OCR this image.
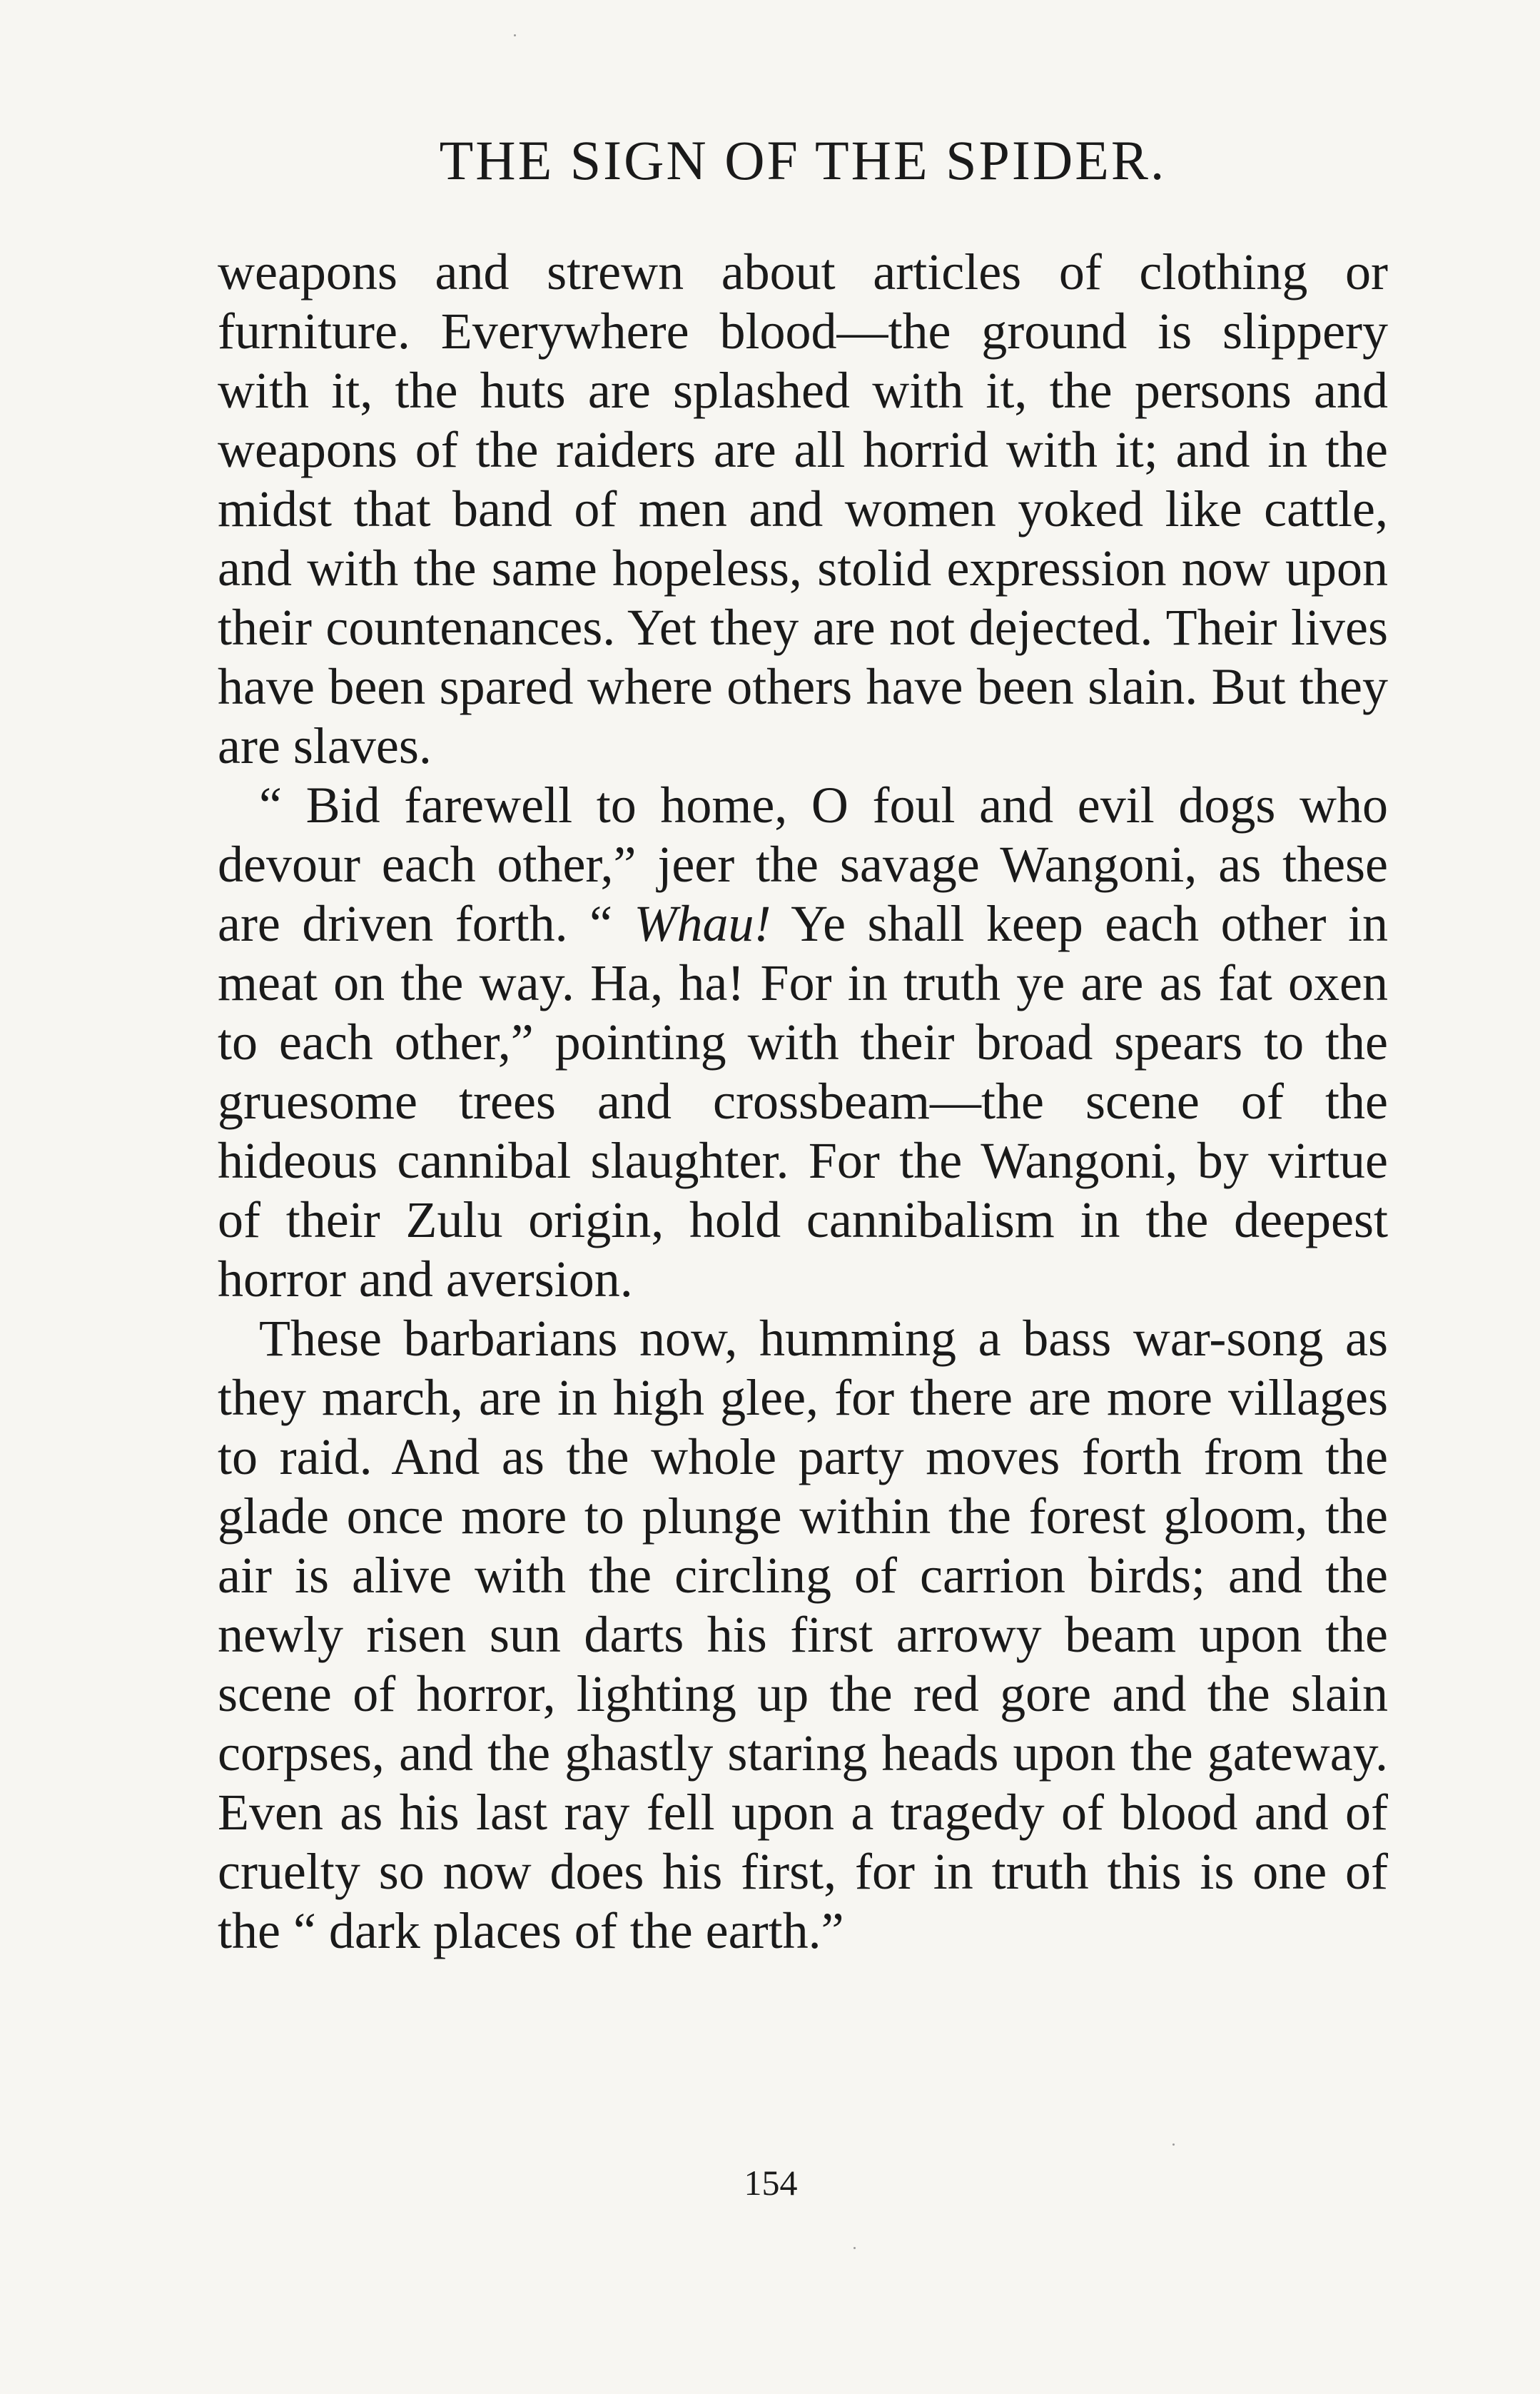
THE SIGN OF THE SPIDER.

weapons and strewn about articles of clothing or furniture. Everywhere blood—the ground is slippery with it, the huts are splashed with it, the persons and weapons of the raiders are all horrid with it; and in the midst that band of men and women yoked like cattle, and with the same hopeless, stolid expression now upon their countenances. Yet they are not dejected. Their lives have been spared where others have been slain. But they are slaves.

“ Bid farewell to home, O foul and evil dogs who devour each other,” jeer the savage Wangoni, as these are driven forth. “ Whau! Ye shall keep each other in meat on the way. Ha, ha! For in truth ye are as fat oxen to each other,” pointing with their broad spears to the gruesome trees and crossbeam—the scene of the hideous cannibal slaughter. For the Wangoni, by virtue of their Zulu origin, hold cannibalism in the deepest horror and aversion.

These barbarians now, humming a bass war-song as they march, are in high glee, for there are more villages to raid. And as the whole party moves forth from the glade once more to plunge within the forest gloom, the air is alive with the circling of carrion birds; and the newly risen sun darts his first arrowy beam upon the scene of horror, lighting up the red gore and the slain corpses, and the ghastly staring heads upon the gateway. Even as his last ray fell upon a tragedy of blood and of cruelty so now does his first, for in truth this is one of the “ dark places of the earth.”

154
